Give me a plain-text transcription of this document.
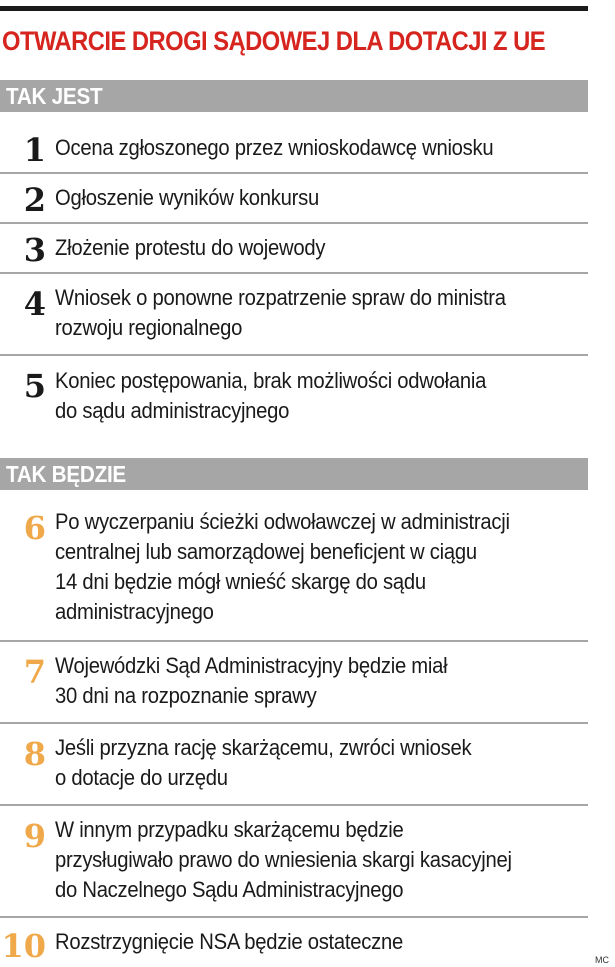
OTWARCIE DROGI SĄDOWEJ DLA DOTACJI Z UE
TAK JEST
1 Ocena zgłoszonego przez wnioskodawcę wniosku
2 Ogłoszenie wyników konkursu
3 Złożenie protestu do wojewody
4 Wniosek o ponowne rozpatrzenie spraw do ministra
rozwoju regionalnego
5 Koniec postępowania, brak możliwości odwołania
do sądu administracyjnego
TAK BĘDZIE
6 Po wyczerpaniu ścieżki odwoławczej w administracji
centralnej lub samorządowej beneficjent w ciągu
14 dni będzie mógł wnieść skargę do sądu
administracyjnego
7 Wojewódzki Sąd Administracyjny będzie miał
30 dni na rozpoznanie sprawy
8 Jeśli przyzna rację skarżącemu, zwróci wniosek
o dotacje do urzędu
9 W innym przypadku skarżącemu będzie
przysługiwało prawo do wniesienia skargi kasacyjnej
do Naczelnego Sądu Administracyjnego
10 Rozstrzygnięcie NSA będzie ostateczne
MC
